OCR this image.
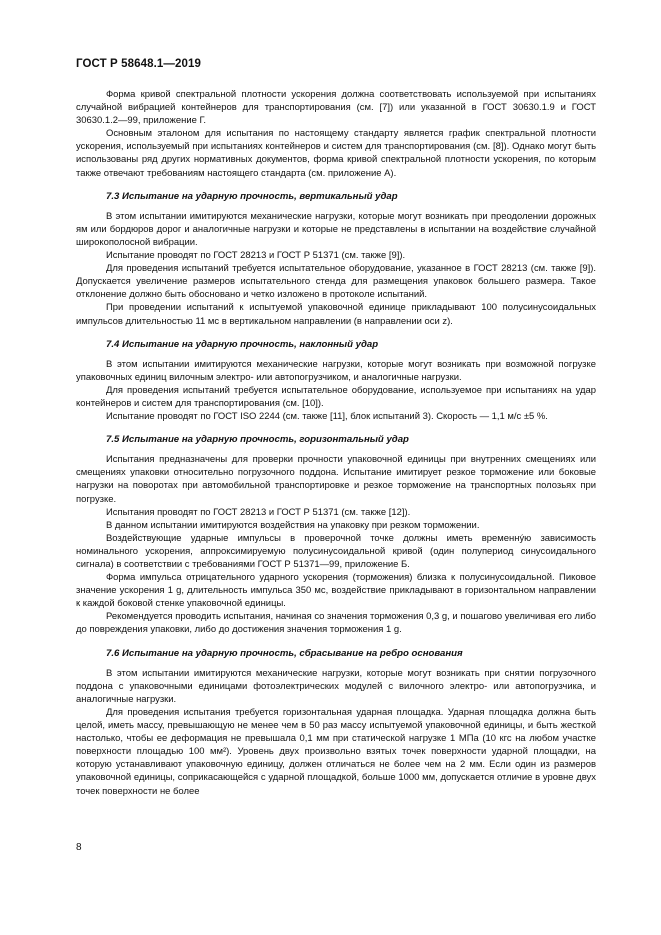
ГОСТ Р 58648.1—2019

Форма кривой спектральной плотности ускорения должна соответствовать используемой при испытаниях случайной вибрацией контейнеров для транспортирования (см. [7]) или указанной в ГОСТ 30630.1.9 и ГОСТ 30630.1.2—99, приложение Г.

Основным эталоном для испытания по настоящему стандарту является график спектральной плотности ускорения, используемый при испытаниях контейнеров и систем для транспортирования (см. [8]). Однако могут быть использованы ряд других нормативных документов, форма кривой спектральной плотности ускорения, по которым также отвечают требованиям настоящего стандарта (см. приложение А).

7.3 Испытание на ударную прочность, вертикальный удар

В этом испытании имитируются механические нагрузки, которые могут возникать при преодолении дорожных ям или бордюров дорог и аналогичные нагрузки и которые не представлены в испытании на воздействие случайной широкополосной вибрации.

Испытание проводят по ГОСТ 28213 и ГОСТ Р 51371 (см. также [9]).

Для проведения испытаний требуется испытательное оборудование, указанное в ГОСТ 28213 (см. также [9]). Допускается увеличение размеров испытательного стенда для размещения упаковок большего размера. Такое отклонение должно быть обосновано и четко изложено в протоколе испытаний.

При проведении испытаний к испытуемой упаковочной единице прикладывают 100 полусинусоидальных импульсов длительностью 11 мс в вертикальном направлении (в направлении оси z).

7.4 Испытание на ударную прочность, наклонный удар

В этом испытании имитируются механические нагрузки, которые могут возникать при возможной погрузке упаковочных единиц вилочным электро- или автопогрузчиком, и аналогичные нагрузки.

Для проведения испытаний требуется испытательное оборудование, используемое при испытаниях на удар контейнеров и систем для транспортирования (см. [10]).

Испытание проводят по ГОСТ ISO 2244 (см. также [11], блок испытаний 3). Скорость — 1,1 м/с ±5 %.

7.5 Испытание на ударную прочность, горизонтальный удар

Испытания предназначены для проверки прочности упаковочной единицы при внутренних смещениях или смещениях упаковки относительно погрузочного поддона. Испытание имитирует резкое торможение или боковые нагрузки на поворотах при автомобильной транспортировке и резкое торможение на транспортных полозьях при погрузке.

Испытания проводят по ГОСТ 28213 и ГОСТ Р 51371 (см. также [12]).

В данном испытании имитируются воздействия на упаковку при резком торможении.

Воздействующие ударные импульсы в проверочной точке должны иметь временнýю зависимость номинального ускорения, аппроксимируемую полусинусоидальной кривой (один полупериод синусоидального сигнала) в соответствии с требованиями ГОСТ Р 51371—99, приложение Б.

Форма импульса отрицательного ударного ускорения (торможения) близка к полусинусоидальной. Пиковое значение ускорения 1 g, длительность импульса 350 мс, воздействие прикладывают в горизонтальном направлении к каждой боковой стенке упаковочной единицы.

Рекомендуется проводить испытания, начиная со значения торможения 0,3 g, и пошагово увеличивая его либо до повреждения упаковки, либо до достижения значения торможения 1 g.

7.6 Испытание на ударную прочность, сбрасывание на ребро основания

В этом испытании имитируются механические нагрузки, которые могут возникать при снятии погрузочного поддона с упаковочными единицами фотоэлектрических модулей с вилочного электро- или автопогрузчика, и аналогичные нагрузки.

Для проведения испытания требуется горизонтальная ударная площадка. Ударная площадка должна быть целой, иметь массу, превышающую не менее чем в 50 раз массу испытуемой упаковочной единицы, и быть жесткой настолько, чтобы ее деформация не превышала 0,1 мм при статической нагрузке 1 МПа (10 кгс на любом участке поверхности площадью 100 мм²). Уровень двух произвольно взятых точек поверхности ударной площадки, на которую устанавливают упаковочную единицу, должен отличаться не более чем на 2 мм. Если один из размеров упаковочной единицы, соприкасающейся с ударной площадкой, больше 1000 мм, допускается отличие в уровне двух точек поверхности не более

8
